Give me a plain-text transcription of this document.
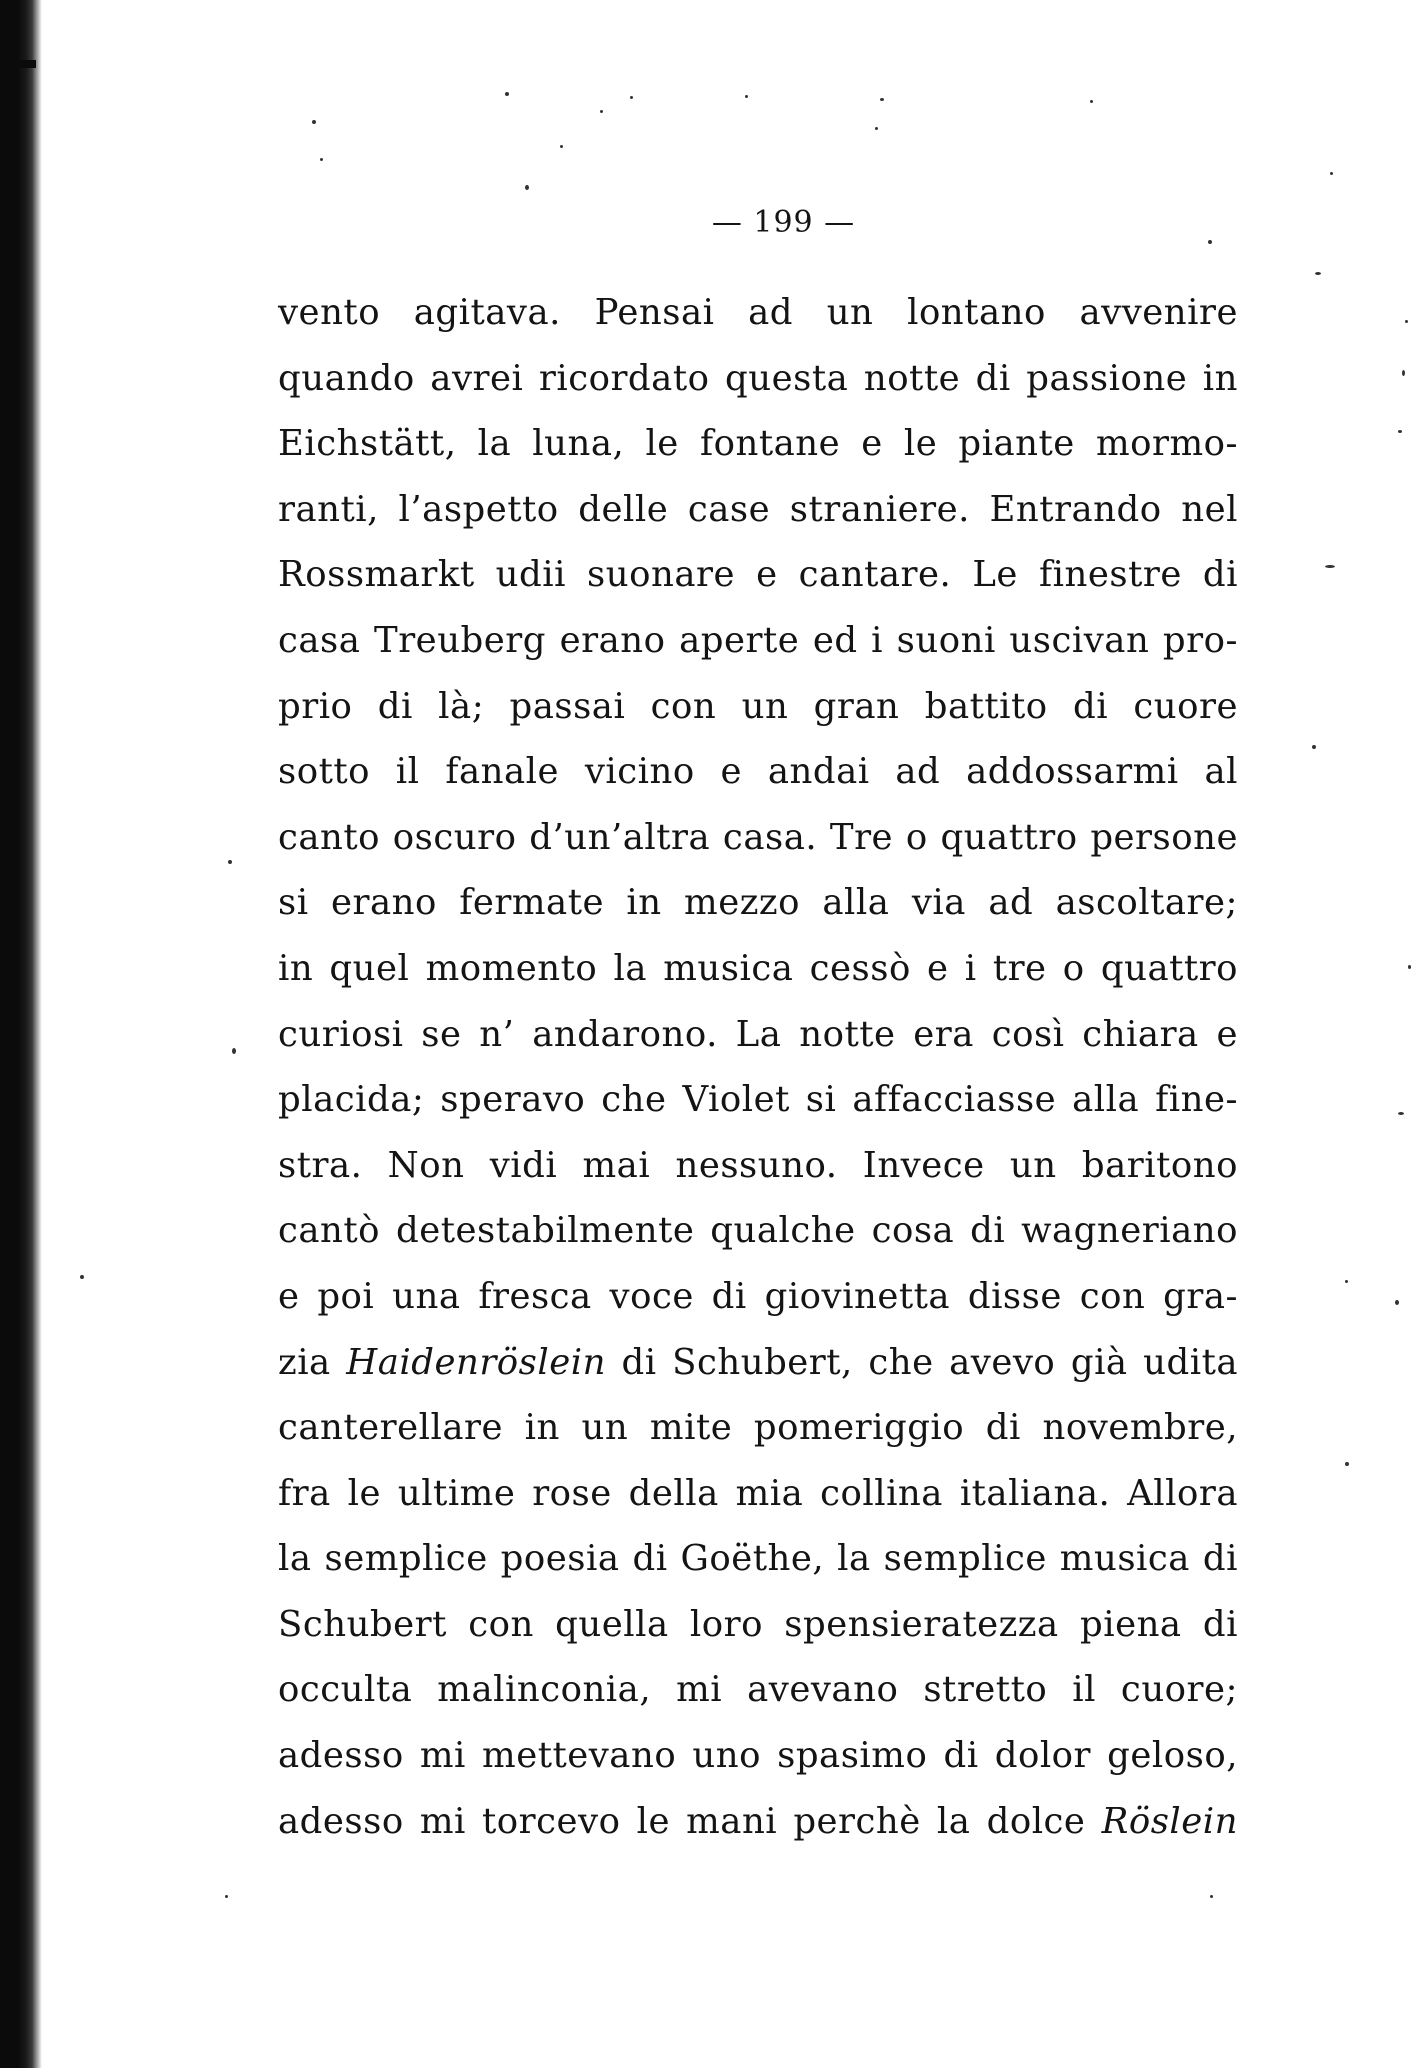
— 199 —
vento agitava. Pensai ad un lontano avvenire
quando avrei ricordato questa notte di passione in
Eichstätt, la luna, le fontane e le piante mormo-
ranti, l’aspetto delle case straniere. Entrando nel
Rossmarkt udii suonare e cantare. Le finestre di
casa Treuberg erano aperte ed i suoni uscivan pro-
prio di là; passai con un gran battito di cuore
sotto il fanale vicino e andai ad addossarmi al
canto oscuro d’un’altra casa. Tre o quattro persone
si erano fermate in mezzo alla via ad ascoltare;
in quel momento la musica cessò e i tre o quattro
curiosi se n’ andarono. La notte era così chiara e
placida; speravo che Violet si affacciasse alla fine-
stra. Non vidi mai nessuno. Invece un baritono
cantò detestabilmente qualche cosa di wagneriano
e poi una fresca voce di giovinetta disse con gra-
zia Haidenröslein di Schubert, che avevo già udita
canterellare in un mite pomeriggio di novembre,
fra le ultime rose della mia collina italiana. Allora
la semplice poesia di Goëthe, la semplice musica di
Schubert con quella loro spensieratezza piena di
occulta malinconia, mi avevano stretto il cuore;
adesso mi mettevano uno spasimo di dolor geloso,
adesso mi torcevo le mani perchè la dolce Röslein
